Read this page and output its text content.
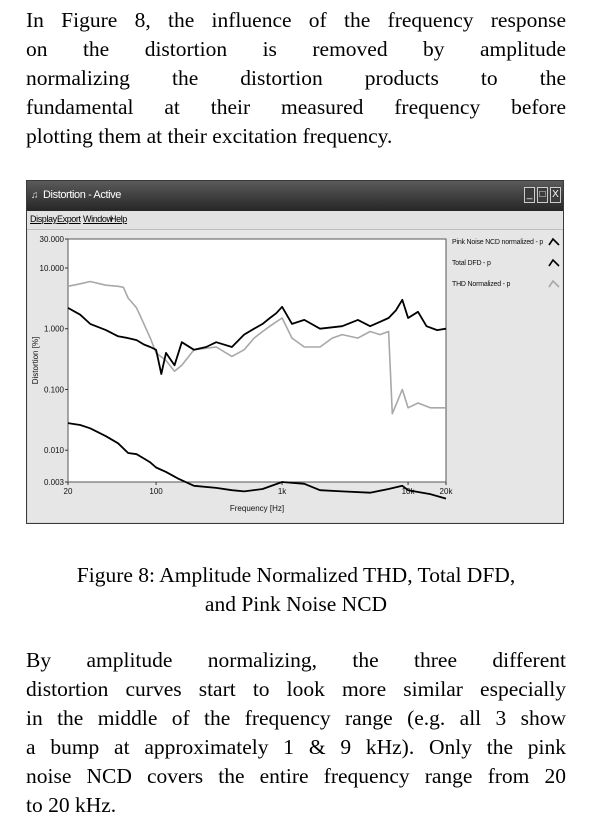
In Figure 8, the influence of the frequency response
on the distortion is removed by amplitude
normalizing the distortion products to the
fundamental at their measured frequency before
plotting them at their excitation frequency.
♫ Distortion - Active	_ □ X
Display Export Window
Help
30.000
10.000
1.000
0.100
0.010
0.003
20	100	1k	10k	20k
Frequency [Hz]
Distortion [%]
Pink Noise NCD normalized - p
Total DFD - p
THD Normalized - p
Figure 8: Amplitude Normalized THD, Total DFD,
and Pink Noise NCD
By amplitude normalizing, the three different
distortion curves start to look more similar especially
in the middle of the frequency range (e.g. all 3 show
a bump at approximately 1 & 9 kHz). Only the pink
noise NCD covers the entire frequency range from 20
to 20 kHz.
